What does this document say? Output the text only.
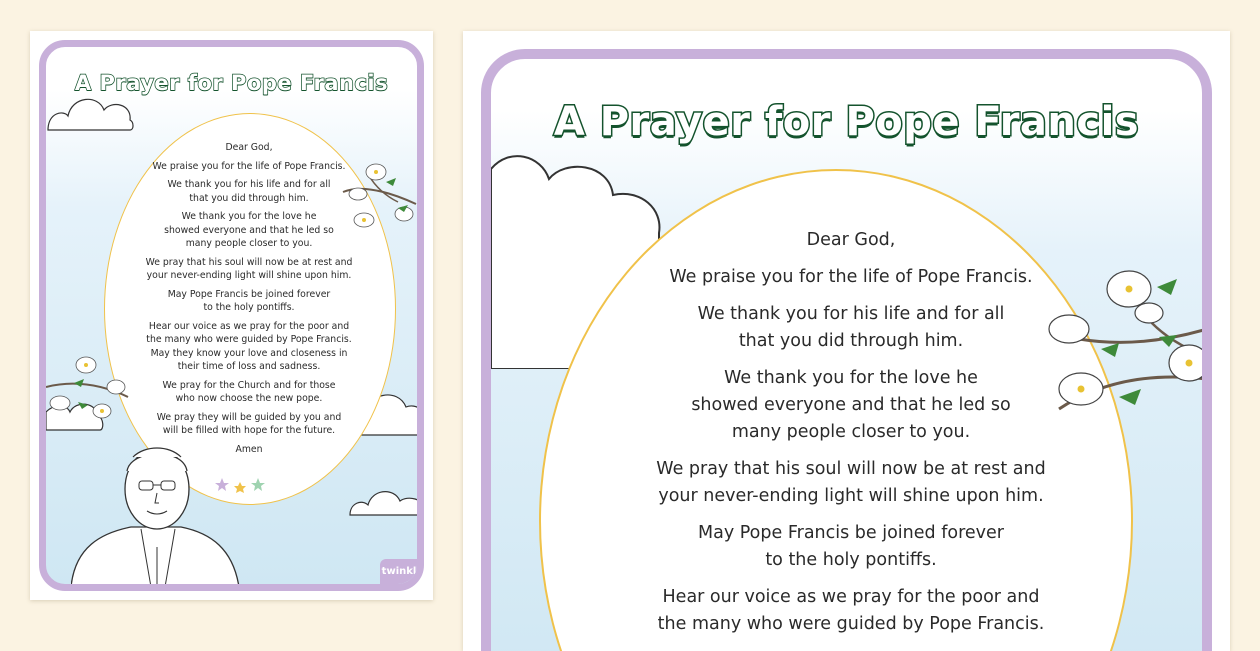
A Prayer for Pope Francis

Dear God,

We praise you for the life of Pope Francis.

We thank you for his life and for all
that you did through him.

We thank you for the love he
showed everyone and that he led so
many people closer to you.

We pray that his soul will now be at rest and
your never-ending light will shine upon him.

May Pope Francis be joined forever
to the holy pontiffs.

Hear our voice as we pray for the poor and
the many who were guided by Pope Francis.
May they know your love and closeness in
their time of loss and sadness.

We pray for the Church and for those
who now choose the new pope.

We pray they will be guided by you and
will be filled with hope for the future.

Amen

twinkl
A Prayer for Pope Francis

Dear God,

We praise you for the life of Pope Francis.

We thank you for his life and for all
that you did through him.

We thank you for the love he
showed everyone and that he led so
many people closer to you.

We pray that his soul will now be at rest and
your never-ending light will shine upon him.

May Pope Francis be joined forever
to the holy pontiffs.

Hear our voice as we pray for the poor and
the many who were guided by Pope Francis.
